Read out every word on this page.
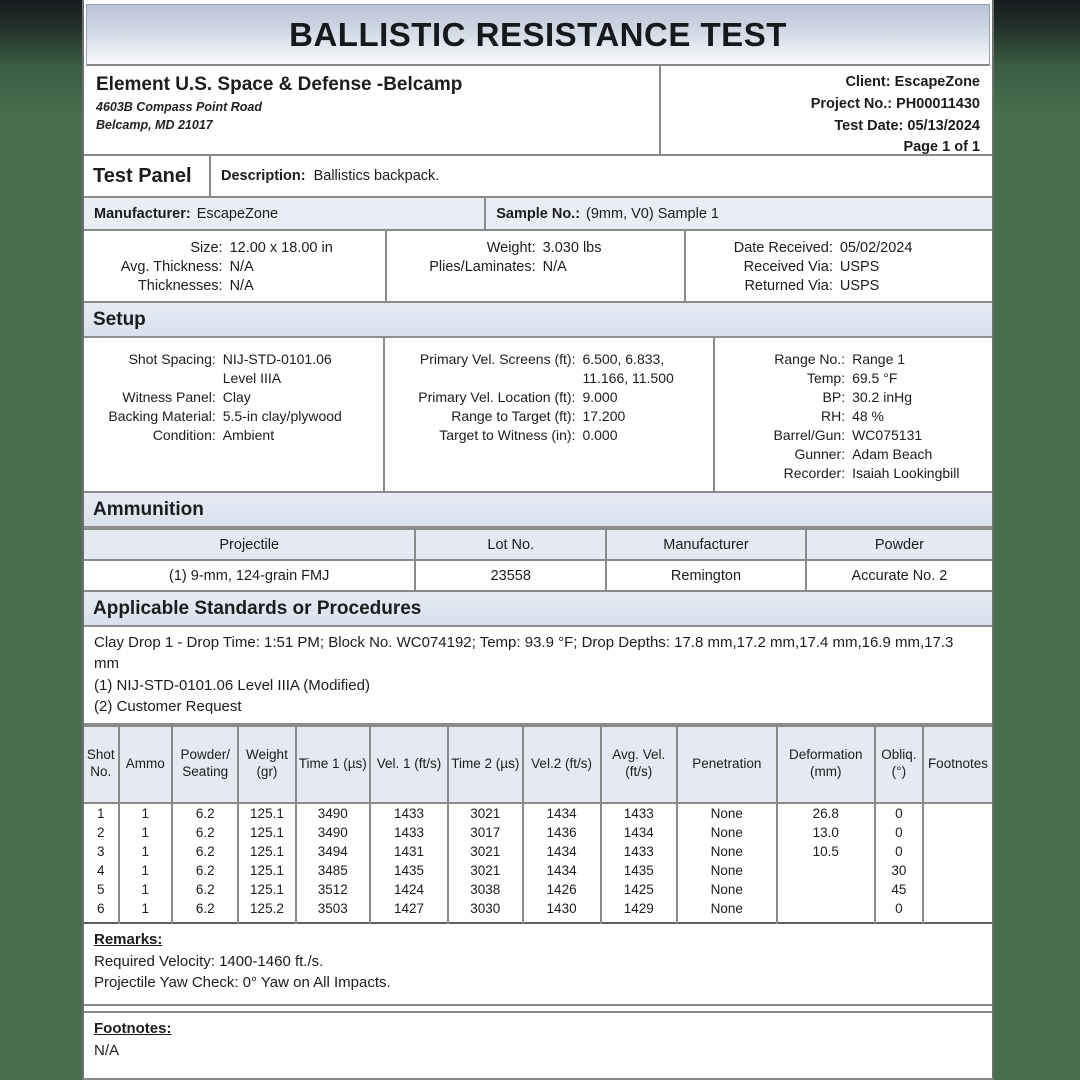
BALLISTIC RESISTANCE TEST
Element U.S. Space & Defense -Belcamp
4603B Compass Point Road
Belcamp, MD 21017
Client: EscapeZone
Project No.: PH00011430
Test Date: 05/13/2024
Page 1 of 1
Test Panel	Description: Ballistics backpack.
Manufacturer: EscapeZone	Sample No.: (9mm, V0) Sample 1
Size: 12.00 x 18.00 in
Avg. Thickness: N/A
Thicknesses: N/A
Weight: 3.030 lbs
Plies/Laminates: N/A
Date Received: 05/02/2024
Received Via: USPS
Returned Via: USPS
Setup
Shot Spacing: NIJ-STD-0101.06
Level IIIA
Witness Panel: Clay
Backing Material: 5.5-in clay/plywood
Condition: Ambient
Primary Vel. Screens (ft): 6.500, 6.833,
11.166, 11.500
Primary Vel. Location (ft): 9.000
Range to Target (ft): 17.200
Target to Witness (in): 0.000
Range No.: Range 1
Temp: 69.5 °F
BP: 30.2 inHg
RH: 48 %
Barrel/Gun: WC075131
Gunner: Adam Beach
Recorder: Isaiah Lookingbill
Ammunition
Projectile	Lot No.	Manufacturer	Powder
(1) 9-mm, 124-grain FMJ	23558	Remington	Accurate No. 2
Applicable Standards or Procedures
Clay Drop 1 - Drop Time: 1:51 PM; Block No. WC074192; Temp: 93.9 °F; Drop Depths: 17.8 mm,17.2 mm,17.4 mm,16.9 mm,17.3 mm
(1) NIJ-STD-0101.06 Level IIIA (Modified)
(2) Customer Request
Shot No.	Ammo	Powder/ Seating	Weight (gr)	Time 1 (µs)	Vel. 1 (ft/s)	Time 2 (µs)	Vel.2 (ft/s)	Avg. Vel. (ft/s)	Penetration	Deformation (mm)	Obliq. (°)	Footnotes
1	1	6.2	125.1	3490	1433	3021	1434	1433	None	26.8	0	
2	1	6.2	125.1	3490	1433	3017	1436	1434	None	13.0	0	
3	1	6.2	125.1	3494	1431	3021	1434	1433	None	10.5	0	
4	1	6.2	125.1	3485	1435	3021	1434	1435	None		30	
5	1	6.2	125.1	3512	1424	3038	1426	1425	None		45	
6	1	6.2	125.2	3503	1427	3030	1430	1429	None		0	
Remarks:
Required Velocity: 1400-1460 ft./s.
Projectile Yaw Check: 0° Yaw on All Impacts.
Footnotes:
N/A
